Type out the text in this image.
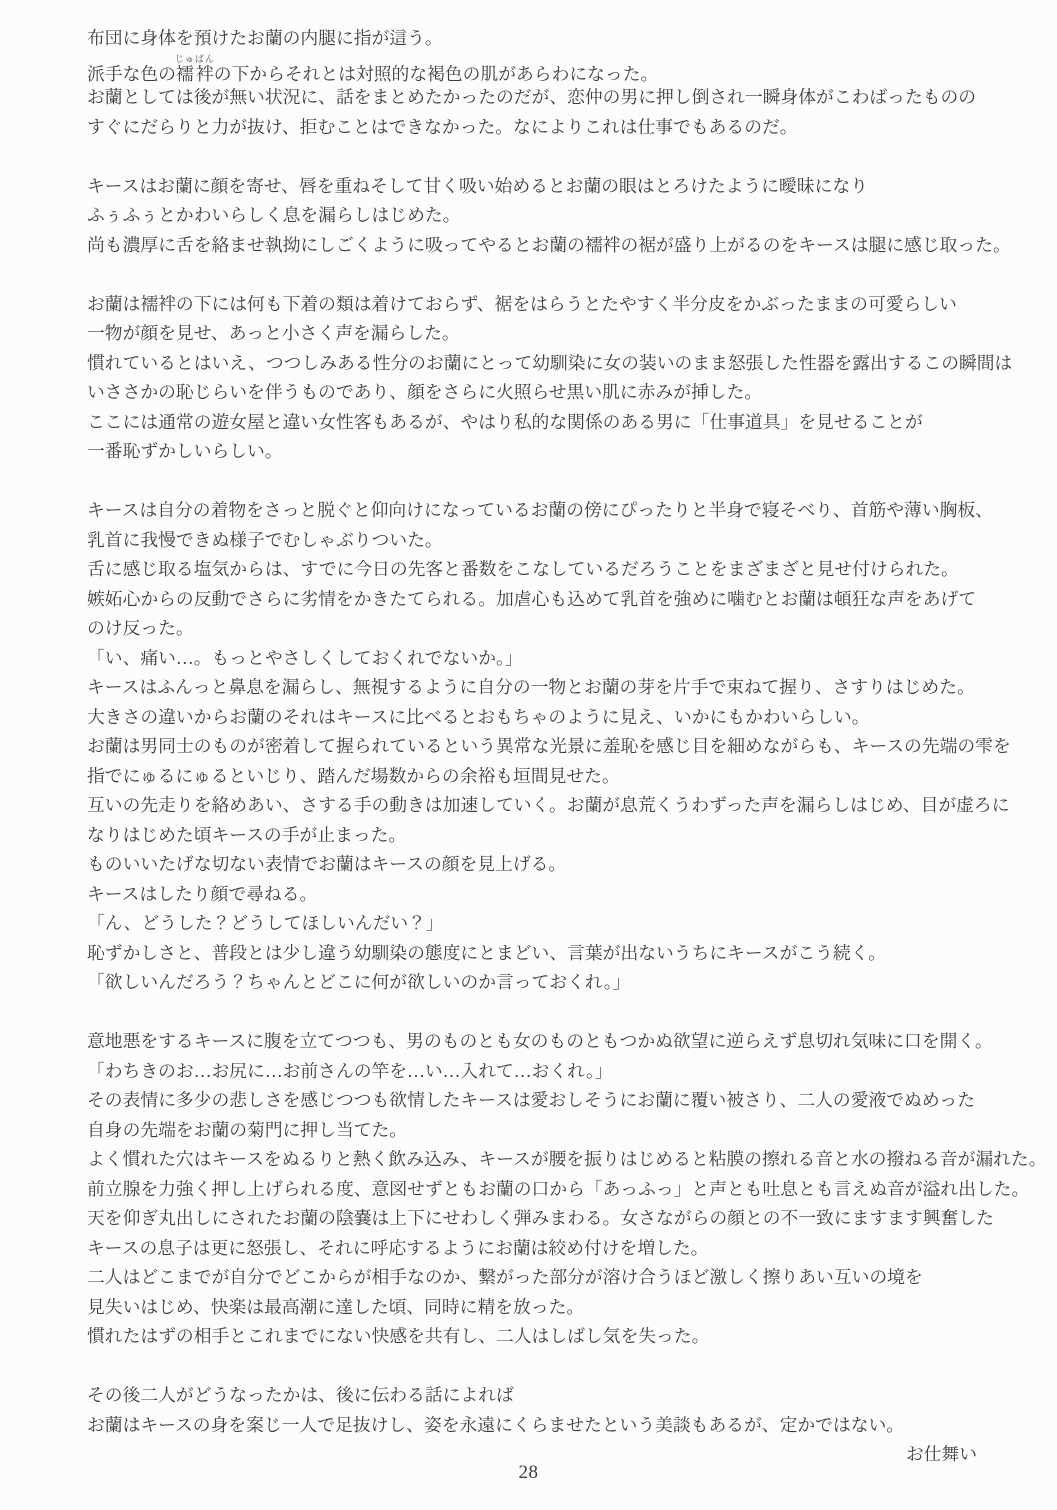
布団に身体を預けたお蘭の内腿に指が這う。
派手な色の襦袢じゅばんの下からそれとは対照的な褐色の肌があらわになった。
お蘭としては後が無い状況に、話をまとめたかったのだが、恋仲の男に押し倒され一瞬身体がこわばったものの
すぐにだらりと力が抜け、拒むことはできなかった。なによりこれは仕事でもあるのだ。

キースはお蘭に顔を寄せ、唇を重ねそして甘く吸い始めるとお蘭の眼はとろけたように曖昧になり
ふぅふぅとかわいらしく息を漏らしはじめた。
尚も濃厚に舌を絡ませ執拗にしごくように吸ってやるとお蘭の襦袢の裾が盛り上がるのをキースは腿に感じ取った。

お蘭は襦袢の下には何も下着の類は着けておらず、裾をはらうとたやすく半分皮をかぶったままの可愛らしい
一物が顔を見せ、あっと小さく声を漏らした。
慣れているとはいえ、つつしみある性分のお蘭にとって幼馴染に女の装いのまま怒張した性器を露出するこの瞬間は
いささかの恥じらいを伴うものであり、顔をさらに火照らせ黒い肌に赤みが挿した。
ここには通常の遊女屋と違い女性客もあるが、やはり私的な関係のある男に「仕事道具」を見せることが
一番恥ずかしいらしい。

キースは自分の着物をさっと脱ぐと仰向けになっているお蘭の傍にぴったりと半身で寝そべり、首筋や薄い胸板、
乳首に我慢できぬ様子でむしゃぶりついた。
舌に感じ取る塩気からは、すでに今日の先客と番数をこなしているだろうことをまざまざと見せ付けられた。
嫉妬心からの反動でさらに劣情をかきたてられる。加虐心も込めて乳首を強めに噛むとお蘭は頓狂な声をあげて
のけ反った。
「い、痛い…。もっとやさしくしておくれでないか。」
キースはふんっと鼻息を漏らし、無視するように自分の一物とお蘭の芽を片手で束ねて握り、さすりはじめた。
大きさの違いからお蘭のそれはキースに比べるとおもちゃのように見え、いかにもかわいらしい。
お蘭は男同士のものが密着して握られているという異常な光景に羞恥を感じ目を細めながらも、キースの先端の雫を
指でにゅるにゅるといじり、踏んだ場数からの余裕も垣間見せた。
互いの先走りを絡めあい、さする手の動きは加速していく。お蘭が息荒くうわずった声を漏らしはじめ、目が虚ろに
なりはじめた頃キースの手が止まった。
ものいいたげな切ない表情でお蘭はキースの顔を見上げる。
キースはしたり顔で尋ねる。
「ん、どうした？どうしてほしいんだい？」
恥ずかしさと、普段とは少し違う幼馴染の態度にとまどい、言葉が出ないうちにキースがこう続く。
「欲しいんだろう？ちゃんとどこに何が欲しいのか言っておくれ。」

意地悪をするキースに腹を立てつつも、男のものとも女のものともつかぬ欲望に逆らえず息切れ気味に口を開く。
「わちきのお…お尻に…お前さんの竿を…い…入れて…おくれ。」
その表情に多少の悲しさを感じつつも欲情したキースは愛おしそうにお蘭に覆い被さり、二人の愛液でぬめった
自身の先端をお蘭の菊門に押し当てた。
よく慣れた穴はキースをぬるりと熱く飲み込み、キースが腰を振りはじめると粘膜の擦れる音と水の撥ねる音が漏れた。
前立腺を力強く押し上げられる度、意図せずともお蘭の口から「あっふっ」と声とも吐息とも言えぬ音が溢れ出した。
天を仰ぎ丸出しにされたお蘭の陰嚢は上下にせわしく弾みまわる。女さながらの顔との不一致にますます興奮した
キースの息子は更に怒張し、それに呼応するようにお蘭は絞め付けを増した。
二人はどこまでが自分でどこからが相手なのか、繋がった部分が溶け合うほど激しく擦りあい互いの境を
見失いはじめ、快楽は最高潮に達した頃、同時に精を放った。
慣れたはずの相手とこれまでにない快感を共有し、二人はしばし気を失った。

その後二人がどうなったかは、後に伝わる話によれば
お蘭はキースの身を案じ一人で足抜けし、姿を永遠にくらませたという美談もあるが、定かではない。
お仕舞い
28
